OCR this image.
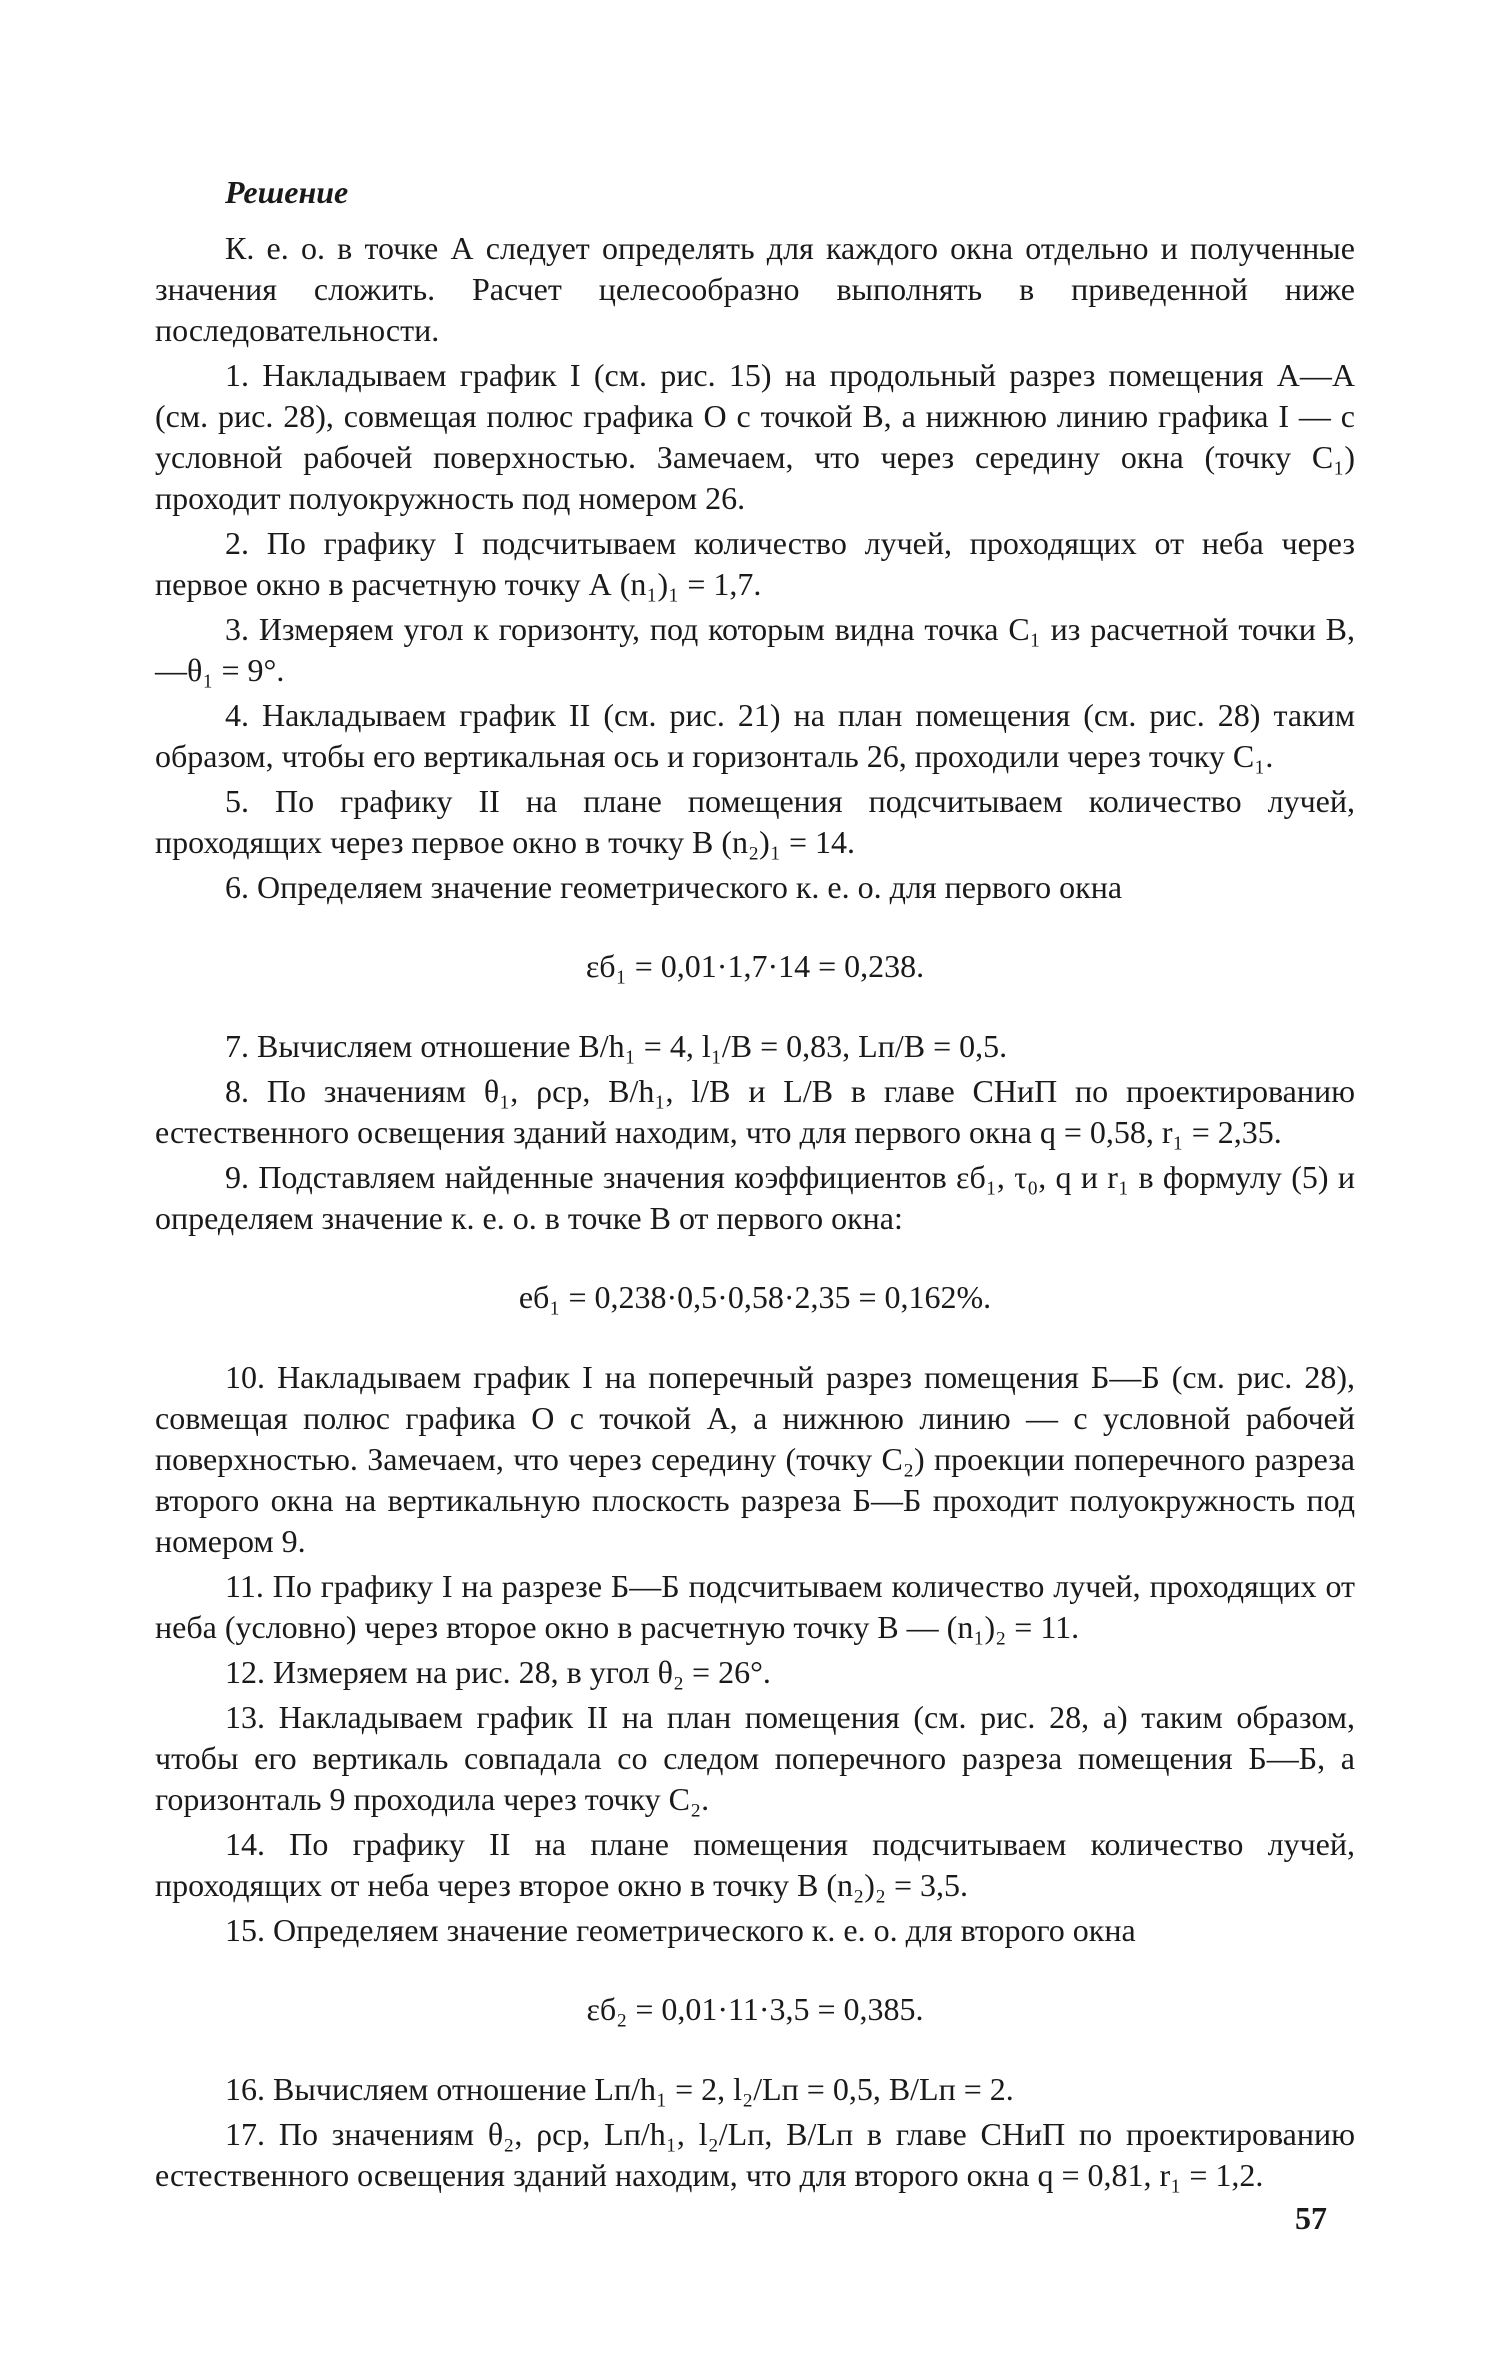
Решение

К. е. о. в точке А следует определять для каждого окна отдельно и полученные значения сложить. Расчет целесообразно выполнять в приведенной ниже последовательности.

1. Накладываем график I (см. рис. 15) на продольный разрез помещения А—А (см. рис. 28), совмещая полюс графика О с точкой B, а нижнюю линию графика I — с условной рабочей поверхностью. Замечаем, что через середину окна (точку C₁) проходит полуокружность под номером 26.

2. По графику I подсчитываем количество лучей, проходящих от неба через первое окно в расчетную точку А (n₁)₁ = 1,7.

3. Измеряем угол к горизонту, под которым видна точка C₁ из расчетной точки B, —θ₁ = 9°.

4. Накладываем график II (см. рис. 21) на план помещения (см. рис. 28) таким образом, чтобы его вертикальная ось и горизонталь 26, проходили через точку C₁.

5. По графику II на плане помещения подсчитываем количество лучей, проходящих через первое окно в точку В (n₂)₁ = 14.

6. Определяем значение геометрического к. е. о. для первого окна

εб₁ = 0,01·1,7·14 = 0,238.

7. Вычисляем отношение B/h₁ = 4, l₁/B = 0,83, Lп/B = 0,5.

8. По значениям θ₁, ρср, B/h₁, l/B и L/B в главе СНиП по проектированию естественного освещения зданий находим, что для первого окна q = 0,58, r₁ = 2,35.

9. Подставляем найденные значения коэффициентов εб₁, τ₀, q и r₁ в формулу (5) и определяем значение к. е. о. в точке В от первого окна:

eб₁ = 0,238·0,5·0,58·2,35 = 0,162%.

10. Накладываем график I на поперечный разрез помещения Б—Б (см. рис. 28), совмещая полюс графика О с точкой А, а нижнюю линию — с условной рабочей поверхностью. Замечаем, что через середину (точку C₂) проекции поперечного разреза второго окна на вертикальную плоскость разреза Б—Б проходит полуокружность под номером 9.

11. По графику I на разрезе Б—Б подсчитываем количество лучей, проходящих от неба (условно) через второе окно в расчетную точку В — (n₁)₂ = 11.

12. Измеряем на рис. 28, в угол θ₂ = 26°.

13. Накладываем график II на план помещения (см. рис. 28, а) таким образом, чтобы его вертикаль совпадала со следом поперечного разреза помещения Б—Б, а горизонталь 9 проходила через точку C₂.

14. По графику II на плане помещения подсчитываем количество лучей, проходящих от неба через второе окно в точку В (n₂)₂ = 3,5.

15. Определяем значение геометрического к. е. о. для второго окна

εб₂ = 0,01·11·3,5 = 0,385.

16. Вычисляем отношение Lп/h₁ = 2, l₂/Lп = 0,5, B/Lп = 2.

17. По значениям θ₂, ρср, Lп/h₁, l₂/Lп, B/Lп в главе СНиП по проектированию естественного освещения зданий находим, что для второго окна q = 0,81, r₁ = 1,2.

57
